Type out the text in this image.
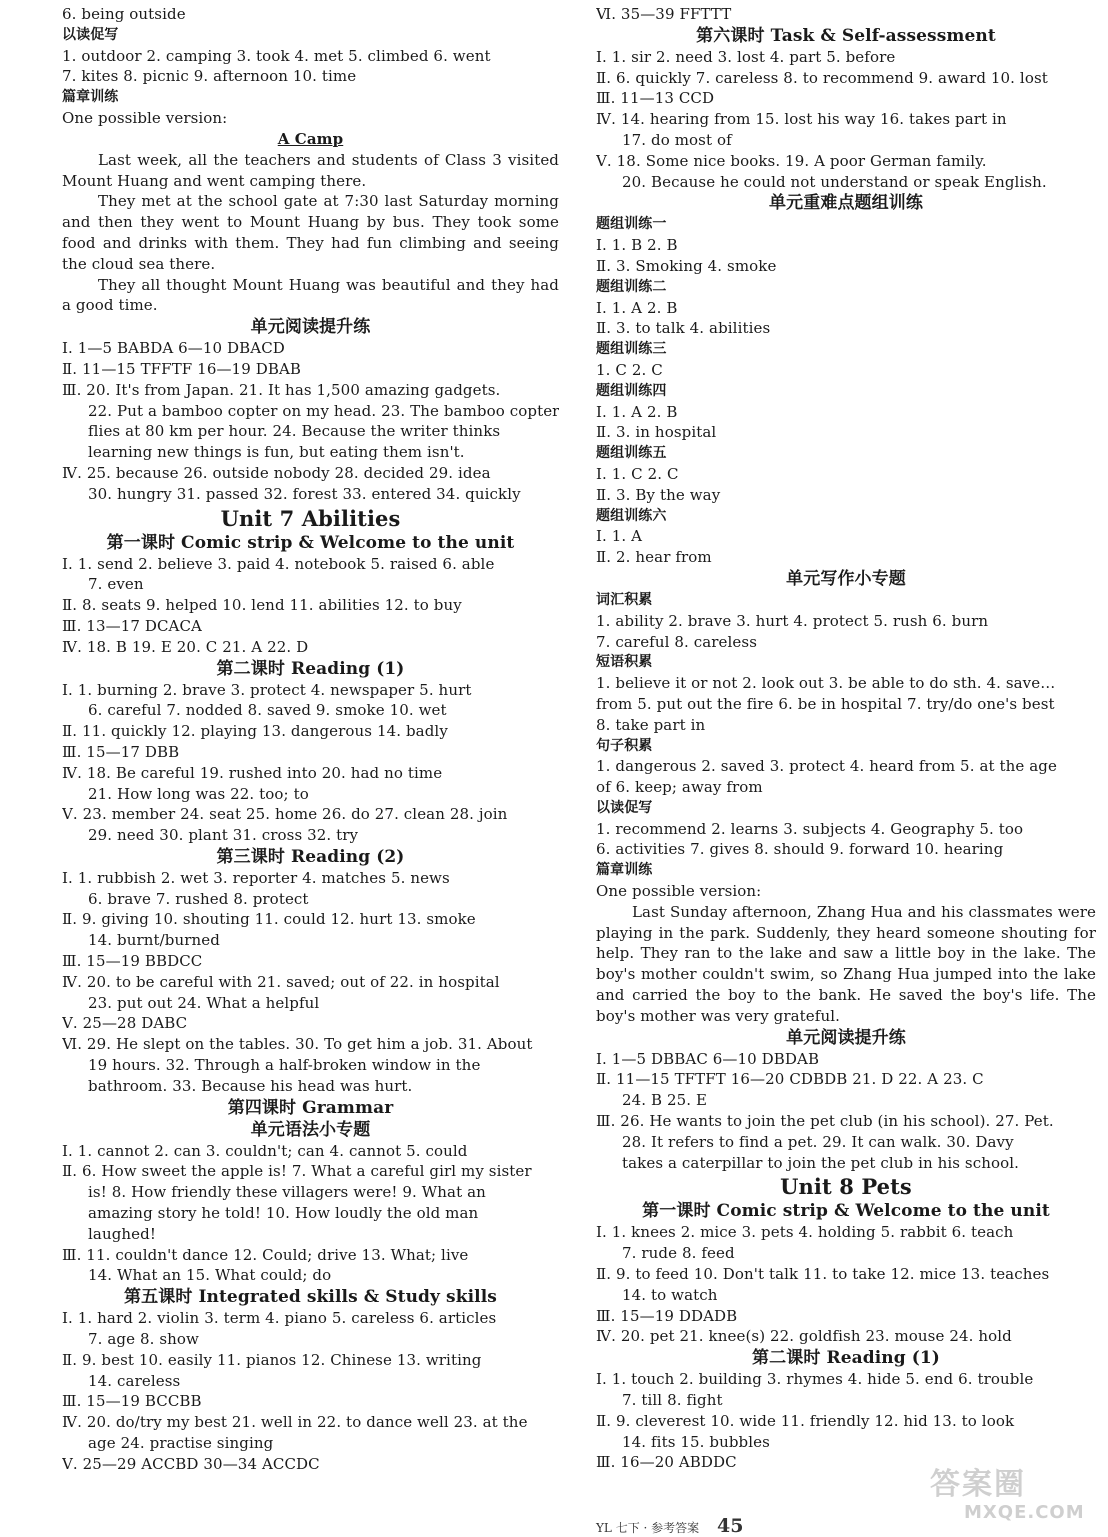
6. being outside
以读促写
1. outdoor 2. camping 3. took 4. met 5. climbed 6. went
7. kites 8. picnic 9. afternoon 10. time
篇章训练
One possible version:
A Camp
Last week, all the teachers and students of Class 3 visited Mount Huang and went camping there.
They met at the school gate at 7:30 last Saturday morning and then they went to Mount Huang by bus. They took some food and drinks with them. They had fun climbing and seeing the cloud sea there.
They all thought Mount Huang was beautiful and they had a good time.
单元阅读提升练
Ⅰ. 1—5 BABDA 6—10 DBACD
Ⅱ. 11—15 TFFTF 16—19 DBAB
Ⅲ. 20. It's from Japan. 21. It has 1,500 amazing gadgets.
22. Put a bamboo copter on my head. 23. The bamboo copter
flies at 80 km per hour. 24. Because the writer thinks
learning new things is fun, but eating them isn't.
Ⅳ. 25. because 26. outside nobody 28. decided 29. idea
30. hungry 31. passed 32. forest 33. entered 34. quickly
Unit 7 Abilities
第一课时 Comic strip & Welcome to the unit
Ⅰ. 1. send 2. believe 3. paid 4. notebook 5. raised 6. able
7. even
Ⅱ. 8. seats 9. helped 10. lend 11. abilities 12. to buy
Ⅲ. 13—17 DCACA
Ⅳ. 18. B 19. E 20. C 21. A 22. D
第二课时 Reading (1)
Ⅰ. 1. burning 2. brave 3. protect 4. newspaper 5. hurt
6. careful 7. nodded 8. saved 9. smoke 10. wet
Ⅱ. 11. quickly 12. playing 13. dangerous 14. badly
Ⅲ. 15—17 DBB
Ⅳ. 18. Be careful 19. rushed into 20. had no time
21. How long was 22. too; to
Ⅴ. 23. member 24. seat 25. home 26. do 27. clean 28. join
29. need 30. plant 31. cross 32. try
第三课时 Reading (2)
Ⅰ. 1. rubbish 2. wet 3. reporter 4. matches 5. news
6. brave 7. rushed 8. protect
Ⅱ. 9. giving 10. shouting 11. could 12. hurt 13. smoke
14. burnt/burned
Ⅲ. 15—19 BBDCC
Ⅳ. 20. to be careful with 21. saved; out of 22. in hospital
23. put out 24. What a helpful
Ⅴ. 25—28 DABC
Ⅵ. 29. He slept on the tables. 30. To get him a job. 31. About
19 hours. 32. Through a half-broken window in the
bathroom. 33. Because his head was hurt.
第四课时 Grammar
单元语法小专题
Ⅰ. 1. cannot 2. can 3. couldn't; can 4. cannot 5. could
Ⅱ. 6. How sweet the apple is! 7. What a careful girl my sister
is! 8. How friendly these villagers were! 9. What an
amazing story he told! 10. How loudly the old man
laughed!
Ⅲ. 11. couldn't dance 12. Could; drive 13. What; live
14. What an 15. What could; do
第五课时 Integrated skills & Study skills
Ⅰ. 1. hard 2. violin 3. term 4. piano 5. careless 6. articles
7. age 8. show
Ⅱ. 9. best 10. easily 11. pianos 12. Chinese 13. writing
14. careless
Ⅲ. 15—19 BCCBB
Ⅳ. 20. do/try my best 21. well in 22. to dance well 23. at the
age 24. practise singing
Ⅴ. 25—29 ACCBD 30—34 ACCDC
Ⅵ. 35—39 FFTTT
第六课时 Task & Self-assessment
Ⅰ. 1. sir 2. need 3. lost 4. part 5. before
Ⅱ. 6. quickly 7. careless 8. to recommend 9. award 10. lost
Ⅲ. 11—13 CCD
Ⅳ. 14. hearing from 15. lost his way 16. takes part in
17. do most of
Ⅴ. 18. Some nice books. 19. A poor German family.
20. Because he could not understand or speak English.
单元重难点题组训练
题组训练一
Ⅰ. 1. B 2. B
Ⅱ. 3. Smoking 4. smoke
题组训练二
Ⅰ. 1. A 2. B
Ⅱ. 3. to talk 4. abilities
题组训练三
1. C 2. C
题组训练四
Ⅰ. 1. A 2. B
Ⅱ. 3. in hospital
题组训练五
Ⅰ. 1. C 2. C
Ⅱ. 3. By the way
题组训练六
Ⅰ. 1. A
Ⅱ. 2. hear from
单元写作小专题
词汇积累
1. ability 2. brave 3. hurt 4. protect 5. rush 6. burn
7. careful 8. careless
短语积累
1. believe it or not 2. look out 3. be able to do sth. 4. save…
from 5. put out the fire 6. be in hospital 7. try/do one's best
8. take part in
句子积累
1. dangerous 2. saved 3. protect 4. heard from 5. at the age
of 6. keep; away from
以读促写
1. recommend 2. learns 3. subjects 4. Geography 5. too
6. activities 7. gives 8. should 9. forward 10. hearing
篇章训练
One possible version:
Last Sunday afternoon, Zhang Hua and his classmates were playing in the park. Suddenly, they heard someone shouting for help. They ran to the lake and saw a little boy in the lake. The boy's mother couldn't swim, so Zhang Hua jumped into the lake and carried the boy to the bank. He saved the boy's life. The boy's mother was very grateful.
单元阅读提升练
Ⅰ. 1—5 DBBAC 6—10 DBDAB
Ⅱ. 11—15 TFTFT 16—20 CDBDB 21. D 22. A 23. C
24. B 25. E
Ⅲ. 26. He wants to join the pet club (in his school). 27. Pet.
28. It refers to find a pet. 29. It can walk. 30. Davy
takes a caterpillar to join the pet club in his school.
Unit 8 Pets
第一课时 Comic strip & Welcome to the unit
Ⅰ. 1. knees 2. mice 3. pets 4. holding 5. rabbit 6. teach
7. rude 8. feed
Ⅱ. 9. to feed 10. Don't talk 11. to take 12. mice 13. teaches
14. to watch
Ⅲ. 15—19 DDADB
Ⅳ. 20. pet 21. knee(s) 22. goldfish 23. mouse 24. hold
第二课时 Reading (1)
Ⅰ. 1. touch 2. building 3. rhymes 4. hide 5. end 6. trouble
7. till 8. fight
Ⅱ. 9. cleverest 10. wide 11. friendly 12. hid 13. to look
14. fits 15. bubbles
Ⅲ. 16—20 ABDDC
YL 七下 · 参考答案 45
答案圈
MXQE.COM
